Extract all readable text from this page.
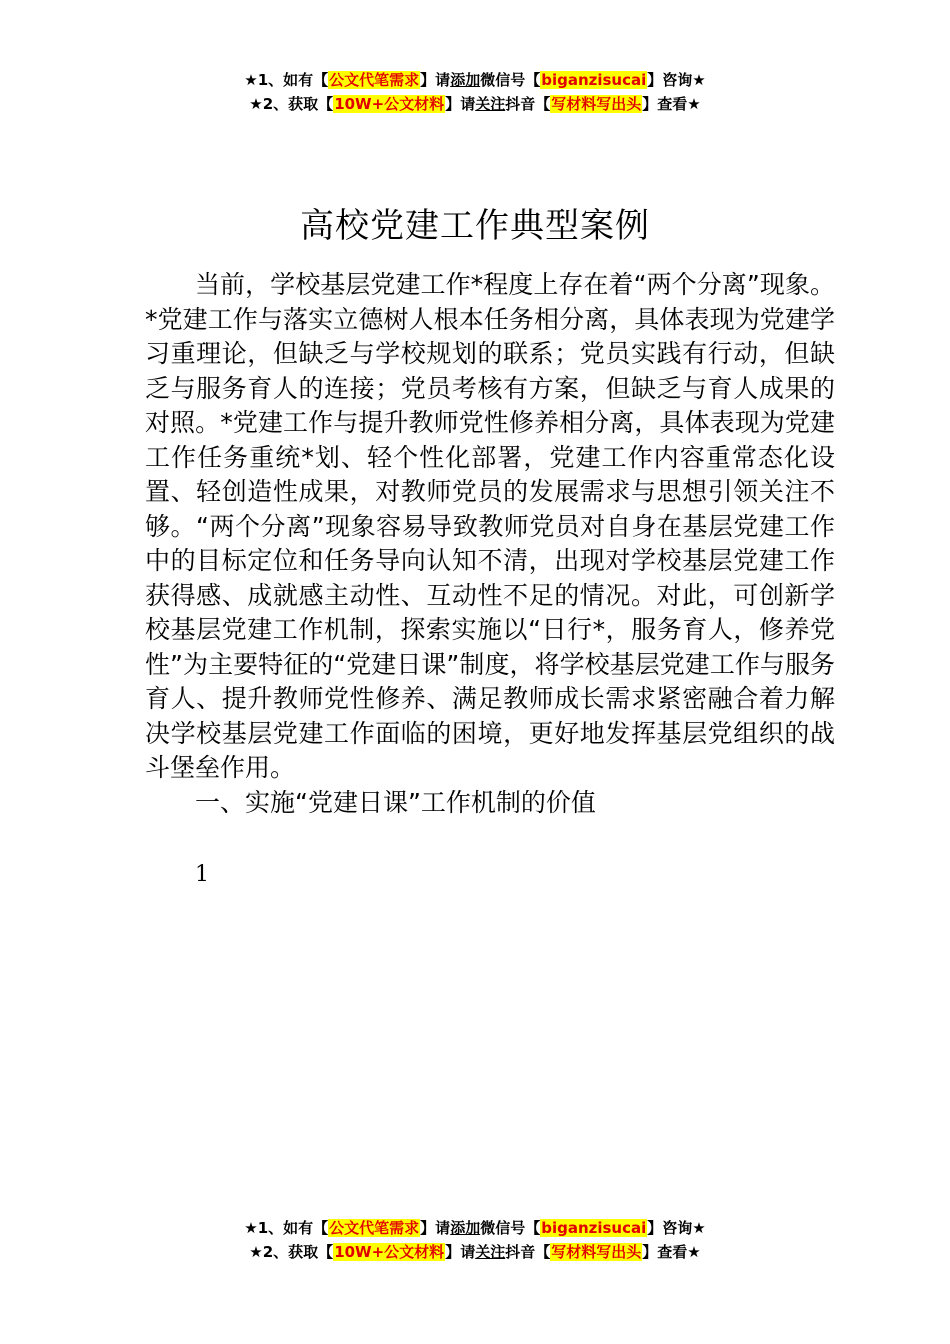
★1、如有【公文代笔需求】请添加微信号【biganzisucai】咨询★
★2、获取【10W+公文材料】请关注抖音【写材料写出头】查看★
高校党建工作典型案例

当前，学校基层党建工作*程度上存在着“两个分离”现象。*党建工作与落实立德树人根本任务相分离，具体表现为党建学习重理论，但缺乏与学校规划的联系；党员实践有行动，但缺乏与服务育人的连接；党员考核有方案，但缺乏与育人成果的对照。*党建工作与提升教师党性修养相分离，具体表现为党建工作任务重统*划、轻个性化部署，党建工作内容重常态化设置、轻创造性成果，对教师党员的发展需求与思想引领关注不够。“两个分离”现象容易导致教师党员对自身在基层党建工作中的目标定位和任务导向认知不清，出现对学校基层党建工作获得感、成就感主动性、互动性不足的情况。对此，可创新学校基层党建工作机制，探索实施以“日行*，服务育人，修养党性”为主要特征的“党建日课”制度，将学校基层党建工作与服务育人、提升教师党性修养、满足教师成长需求紧密融合着力解决学校基层党建工作面临的困境，更好地发挥基层党组织的战斗堡垒作用。

一、实施“党建日课”工作机制的价值

1
★1、如有【公文代笔需求】请添加微信号【biganzisucai】咨询★
★2、获取【10W+公文材料】请关注抖音【写材料写出头】查看★
